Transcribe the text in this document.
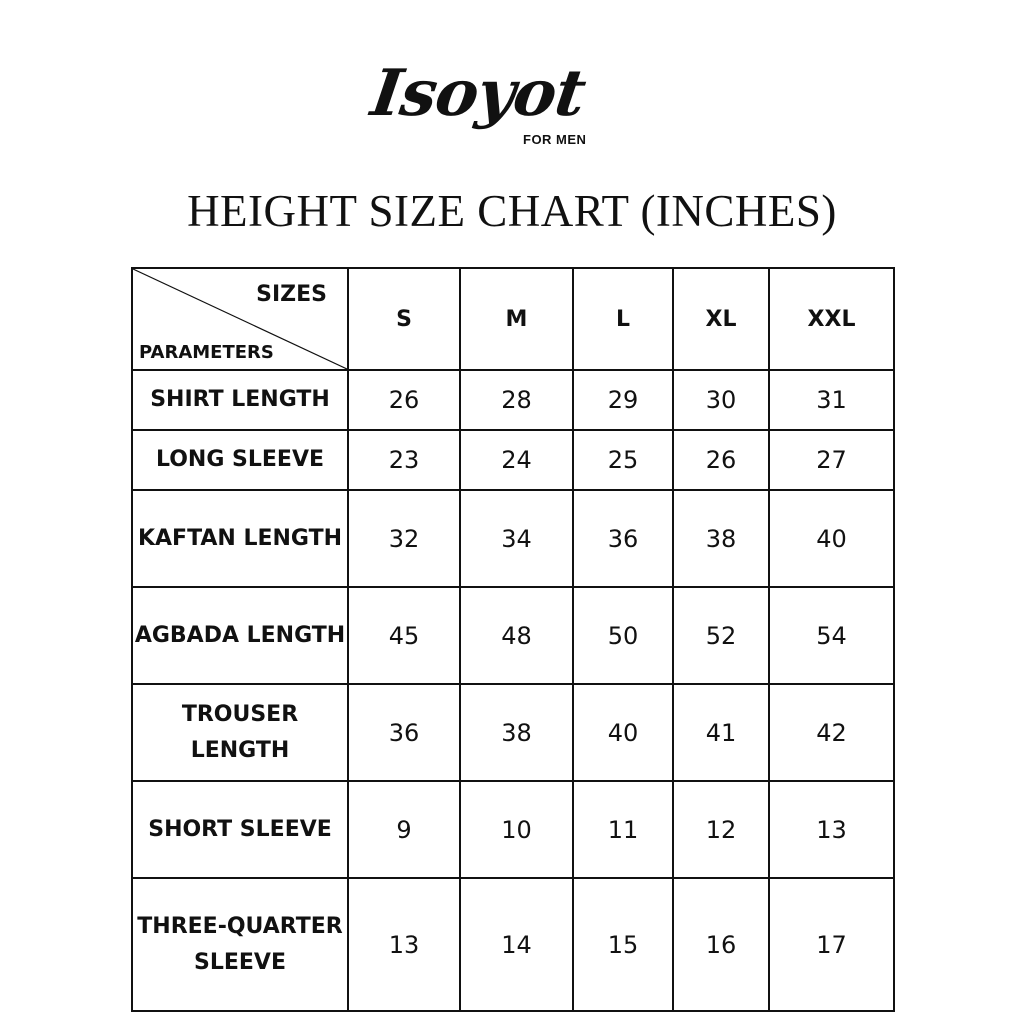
Isoyot
FOR MEN
HEIGHT SIZE CHART (INCHES)
SIZES
PARAMETERS	S	M	L	XL	XXL
SHIRT LENGTH	26	28	29	30	31
LONG SLEEVE	23	24	25	26	27
KAFTAN LENGTH	32	34	36	38	40
AGBADA LENGTH	45	48	50	52	54
TROUSER LENGTH	36	38	40	41	42
SHORT SLEEVE	9	10	11	12	13
THREE-QUARTER SLEEVE	13	14	15	16	17
